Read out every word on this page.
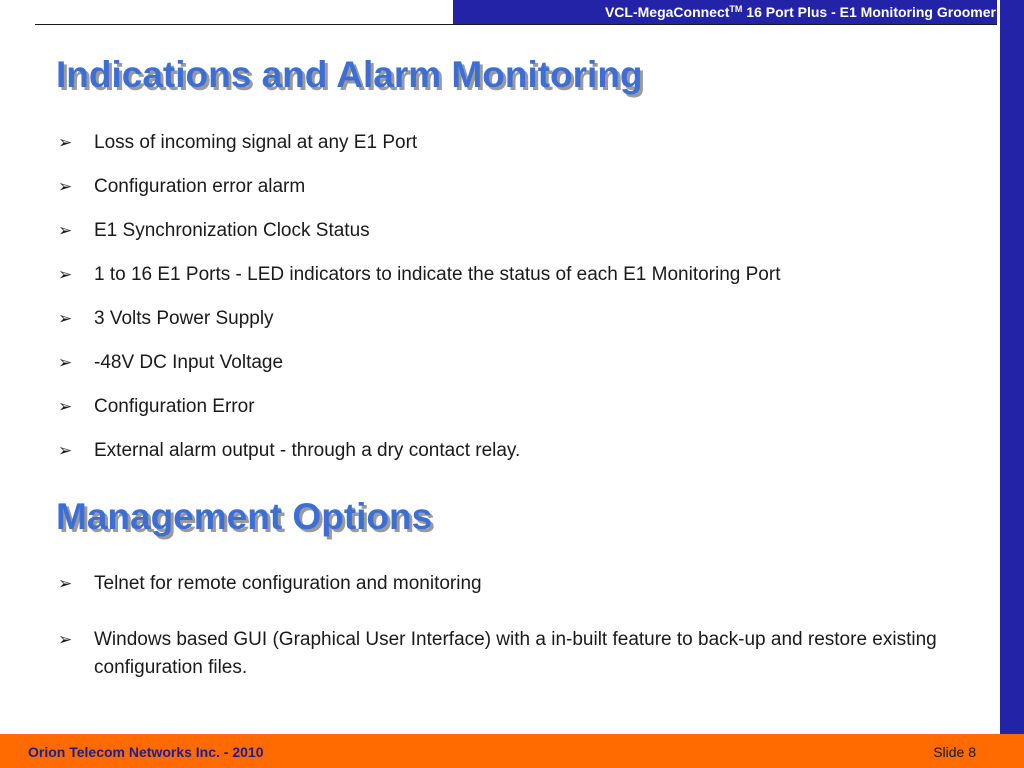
VCL-MegaConnect™ 16 Port Plus - E1 Monitoring Groomer
Indications and Alarm Monitoring
➢ Loss of incoming signal at any E1 Port
➢ Configuration error alarm
➢ E1 Synchronization Clock Status
➢ 1 to 16 E1 Ports - LED indicators to indicate the status of each E1 Monitoring Port
➢ 3 Volts Power Supply
➢ -48V DC Input Voltage
➢ Configuration Error
➢ External alarm output - through a dry contact relay.
Management Options
➢ Telnet for remote configuration and monitoring
➢ Windows based GUI (Graphical User Interface) with a in-built feature to back-up and restore existing configuration files.
Orion Telecom Networks Inc. - 2010	Slide 8
